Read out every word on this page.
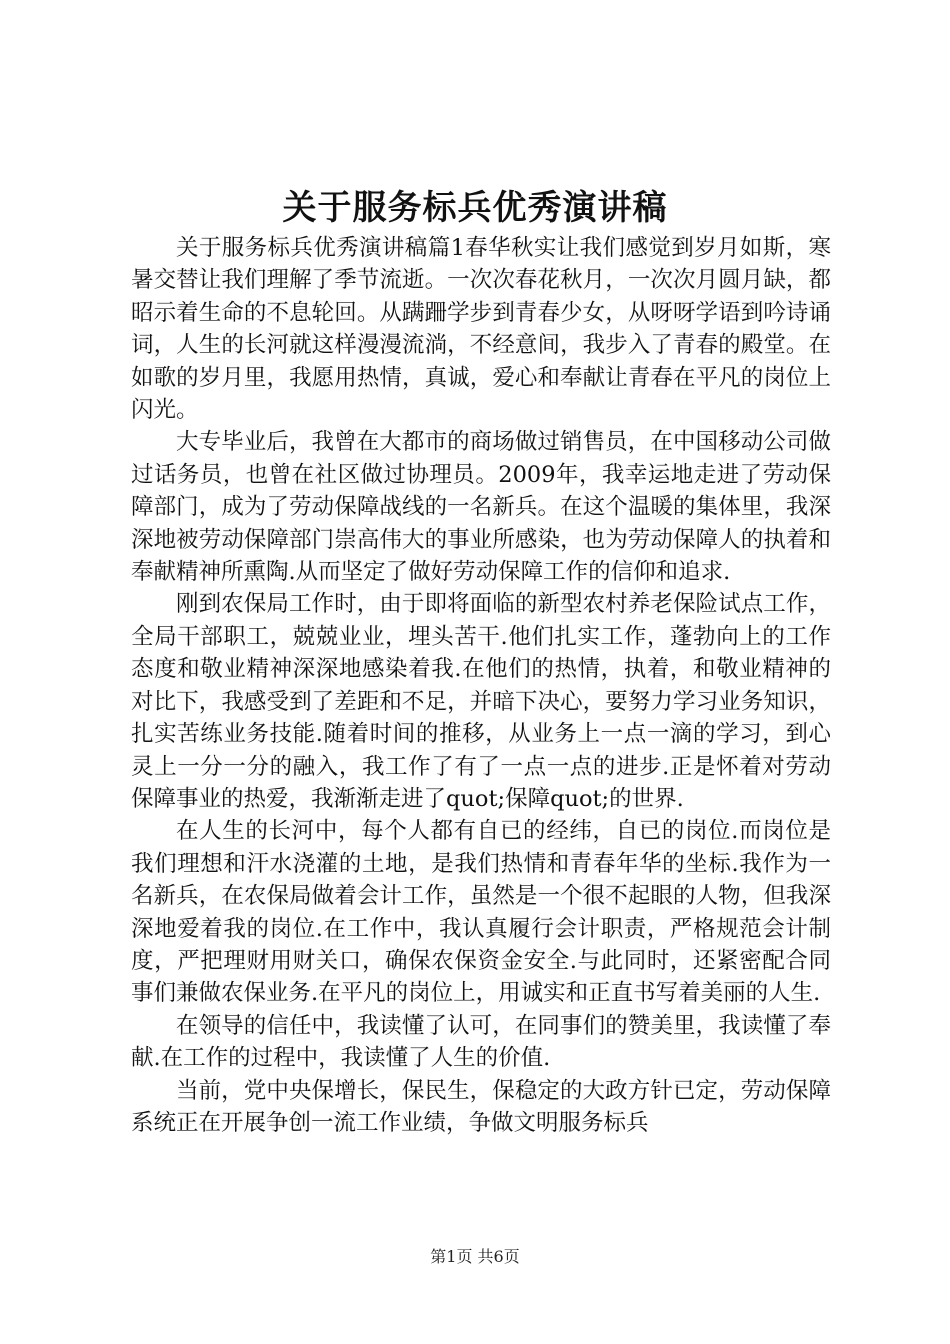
关于服务标兵优秀演讲稿

关于服务标兵优秀演讲稿篇1春华秋实让我们感觉到岁月如斯，寒暑交替让我们理解了季节流逝。一次次春花秋月，一次次月圆月缺，都昭示着生命的不息轮回。从蹒跚学步到青春少女，从呀呀学语到吟诗诵词，人生的长河就这样漫漫流淌，不经意间，我步入了青春的殿堂。在如歌的岁月里，我愿用热情，真诚，爱心和奉献让青春在平凡的岗位上闪光。

大专毕业后，我曾在大都市的商场做过销售员，在中国移动公司做过话务员，也曾在社区做过协理员。2009年，我幸运地走进了劳动保障部门，成为了劳动保障战线的一名新兵。在这个温暖的集体里，我深深地被劳动保障部门崇高伟大的事业所感染，也为劳动保障人的执着和奉献精神所熏陶.从而坚定了做好劳动保障工作的信仰和追求.

刚到农保局工作时，由于即将面临的新型农村养老保险试点工作，全局干部职工，兢兢业业，埋头苦干.他们扎实工作，蓬勃向上的工作态度和敬业精神深深地感染着我.在他们的热情，执着，和敬业精神的对比下，我感受到了差距和不足，并暗下决心，要努力学习业务知识，扎实苦练业务技能.随着时间的推移，从业务上一点一滴的学习，到心灵上一分一分的融入，我工作了有了一点一点的进步.正是怀着对劳动保障事业的热爱，我渐渐走进了quot;保障quot;的世界.

在人生的长河中，每个人都有自已的经纬，自已的岗位.而岗位是我们理想和汗水浇灌的土地，是我们热情和青春年华的坐标.我作为一名新兵，在农保局做着会计工作，虽然是一个很不起眼的人物，但我深深地爱着我的岗位.在工作中，我认真履行会计职责，严格规范会计制度，严把理财用财关口，确保农保资金安全.与此同时，还紧密配合同事们兼做农保业务.在平凡的岗位上，用诚实和正直书写着美丽的人生.

在领导的信任中，我读懂了认可，在同事们的赞美里，我读懂了奉献.在工作的过程中，我读懂了人生的价值.

当前，党中央保增长，保民生，保稳定的大政方针已定，劳动保障系统正在开展争创一流工作业绩，争做文明服务标兵

第1页 共6页
